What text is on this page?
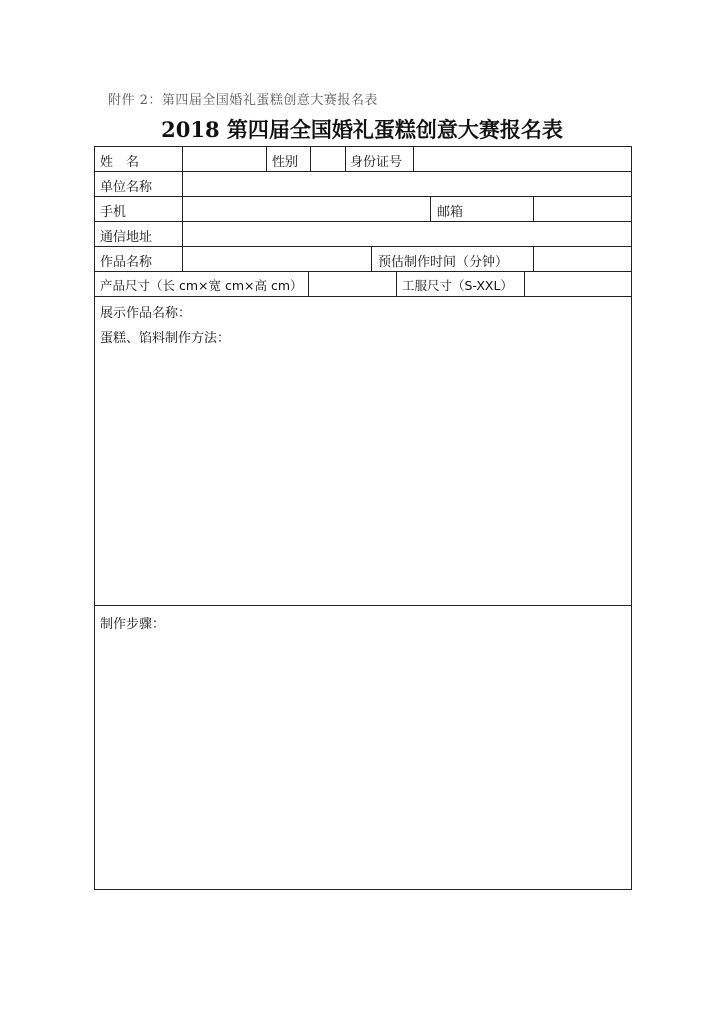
附件 2：第四届全国婚礼蛋糕创意大赛报名表
2018 第四届全国婚礼蛋糕创意大赛报名表
姓　名	性别	身份证号
单位名称
手机	邮箱
通信地址
作品名称	预估制作时间（分钟）
产品尺寸（长 cm×宽 cm×高 cm）	工服尺寸（S-XXL）
展示作品名称：
蛋糕、馅料制作方法：
制作步骤：
